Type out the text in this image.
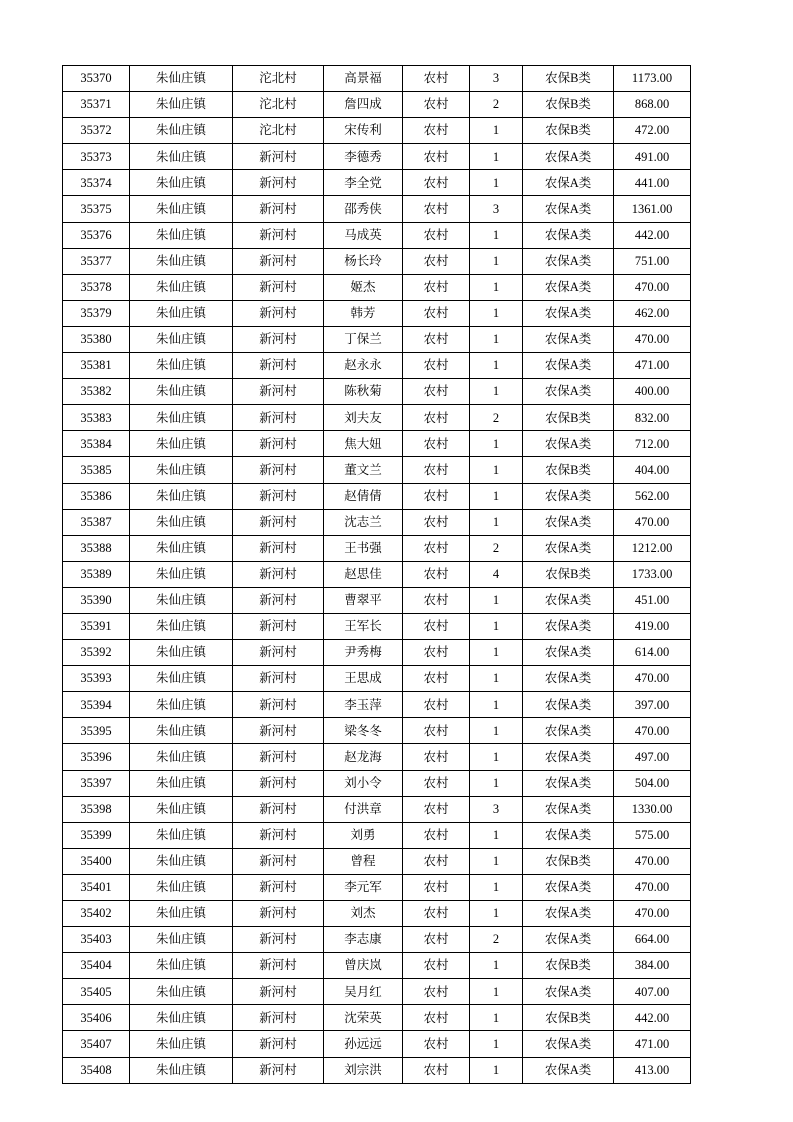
35370	朱仙庄镇	沱北村	高景福	农村	3	农保B类	1173.00
35371	朱仙庄镇	沱北村	詹四成	农村	2	农保B类	868.00
35372	朱仙庄镇	沱北村	宋传利	农村	1	农保B类	472.00
35373	朱仙庄镇	新河村	李德秀	农村	1	农保A类	491.00
35374	朱仙庄镇	新河村	李全党	农村	1	农保A类	441.00
35375	朱仙庄镇	新河村	邵秀侠	农村	3	农保A类	1361.00
35376	朱仙庄镇	新河村	马成英	农村	1	农保A类	442.00
35377	朱仙庄镇	新河村	杨长玲	农村	1	农保A类	751.00
35378	朱仙庄镇	新河村	姬杰	农村	1	农保A类	470.00
35379	朱仙庄镇	新河村	韩芳	农村	1	农保A类	462.00
35380	朱仙庄镇	新河村	丁保兰	农村	1	农保A类	470.00
35381	朱仙庄镇	新河村	赵永永	农村	1	农保A类	471.00
35382	朱仙庄镇	新河村	陈秋菊	农村	1	农保A类	400.00
35383	朱仙庄镇	新河村	刘夫友	农村	2	农保B类	832.00
35384	朱仙庄镇	新河村	焦大妞	农村	1	农保A类	712.00
35385	朱仙庄镇	新河村	董文兰	农村	1	农保B类	404.00
35386	朱仙庄镇	新河村	赵倩倩	农村	1	农保A类	562.00
35387	朱仙庄镇	新河村	沈志兰	农村	1	农保A类	470.00
35388	朱仙庄镇	新河村	王书强	农村	2	农保A类	1212.00
35389	朱仙庄镇	新河村	赵思佳	农村	4	农保B类	1733.00
35390	朱仙庄镇	新河村	曹翠平	农村	1	农保A类	451.00
35391	朱仙庄镇	新河村	王军长	农村	1	农保A类	419.00
35392	朱仙庄镇	新河村	尹秀梅	农村	1	农保A类	614.00
35393	朱仙庄镇	新河村	王思成	农村	1	农保A类	470.00
35394	朱仙庄镇	新河村	李玉萍	农村	1	农保A类	397.00
35395	朱仙庄镇	新河村	梁冬冬	农村	1	农保A类	470.00
35396	朱仙庄镇	新河村	赵龙海	农村	1	农保A类	497.00
35397	朱仙庄镇	新河村	刘小令	农村	1	农保A类	504.00
35398	朱仙庄镇	新河村	付洪章	农村	3	农保A类	1330.00
35399	朱仙庄镇	新河村	刘勇	农村	1	农保A类	575.00
35400	朱仙庄镇	新河村	曾程	农村	1	农保B类	470.00
35401	朱仙庄镇	新河村	李元军	农村	1	农保A类	470.00
35402	朱仙庄镇	新河村	刘杰	农村	1	农保A类	470.00
35403	朱仙庄镇	新河村	李志康	农村	2	农保A类	664.00
35404	朱仙庄镇	新河村	曾庆岚	农村	1	农保B类	384.00
35405	朱仙庄镇	新河村	吴月红	农村	1	农保A类	407.00
35406	朱仙庄镇	新河村	沈荣英	农村	1	农保B类	442.00
35407	朱仙庄镇	新河村	孙远远	农村	1	农保A类	471.00
35408	朱仙庄镇	新河村	刘宗洪	农村	1	农保A类	413.00
